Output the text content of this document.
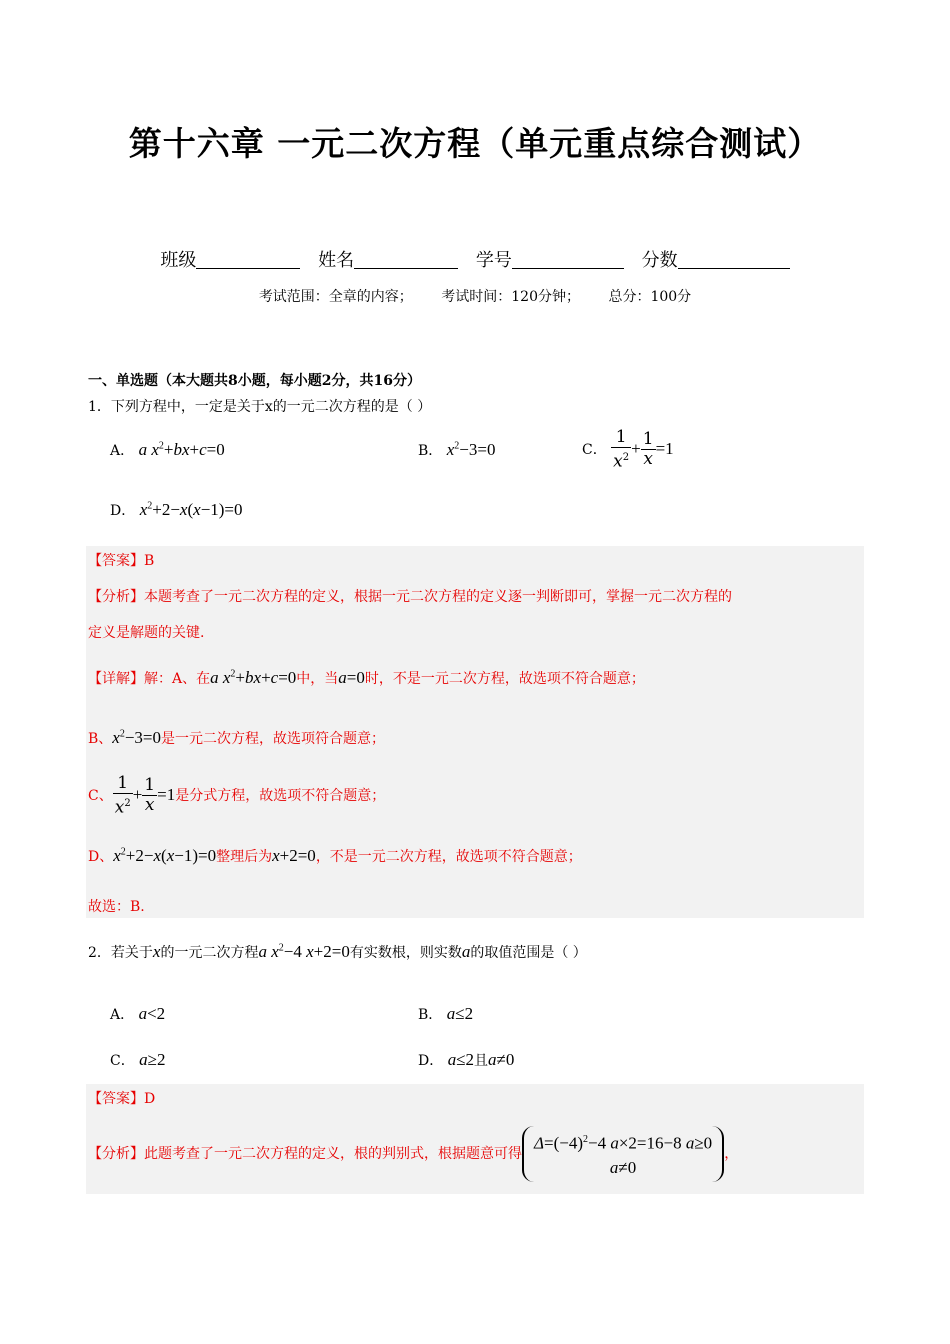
第十六章 一元二次方程（单元重点综合测试）
班级	姓名	学号	分数
考试范围：全章的内容； 考试时间：120分钟； 总分：100分
一、单选题（本大题共8小题，每小题2分，共16分）
1．下列方程中，一定是关于x的一元二次方程的是（ ）
A． a $x^2+bx+c=0$	B． $x^2-3=0$	C． $\frac{1}{x^2} + \frac{1}{x} =1$
D． $x^2+2-x(x-1)=0$
【答案】B
【分析】本题考查了一元二次方程的定义，根据一元二次方程的定义逐一判断即可，掌握一元二次方程的
定义是解题的关键.
【详解】解：A、在a $x^2+bx+c=0$中，当a=0时，不是一元二次方程，故选项不符合题意；
B、$x^2-3=0$是一元二次方程，故选项符合题意；
C、 $\frac{1}{x^2} + \frac{1}{x} =1$是分式方程，故选项不符合题意；
D、$x^2+2-x(x-1)=0$整理后为x+2=0，不是一元二次方程，故选项不符合题意；
故选：B.
2．若关于x的一元二次方程a $x^2-4$ x+2=0有实数根，则实数a的取值范围是（ ）
A． a<2	B． a≤2
C． a≥2	D． a≤2且a≠0
【答案】D
【分析】此题考查了一元二次方程的定义，根的判别式，根据题意可得
$\Delta=(-4)^2-4$ a×2=16−8 a≥0
a≠0
，
